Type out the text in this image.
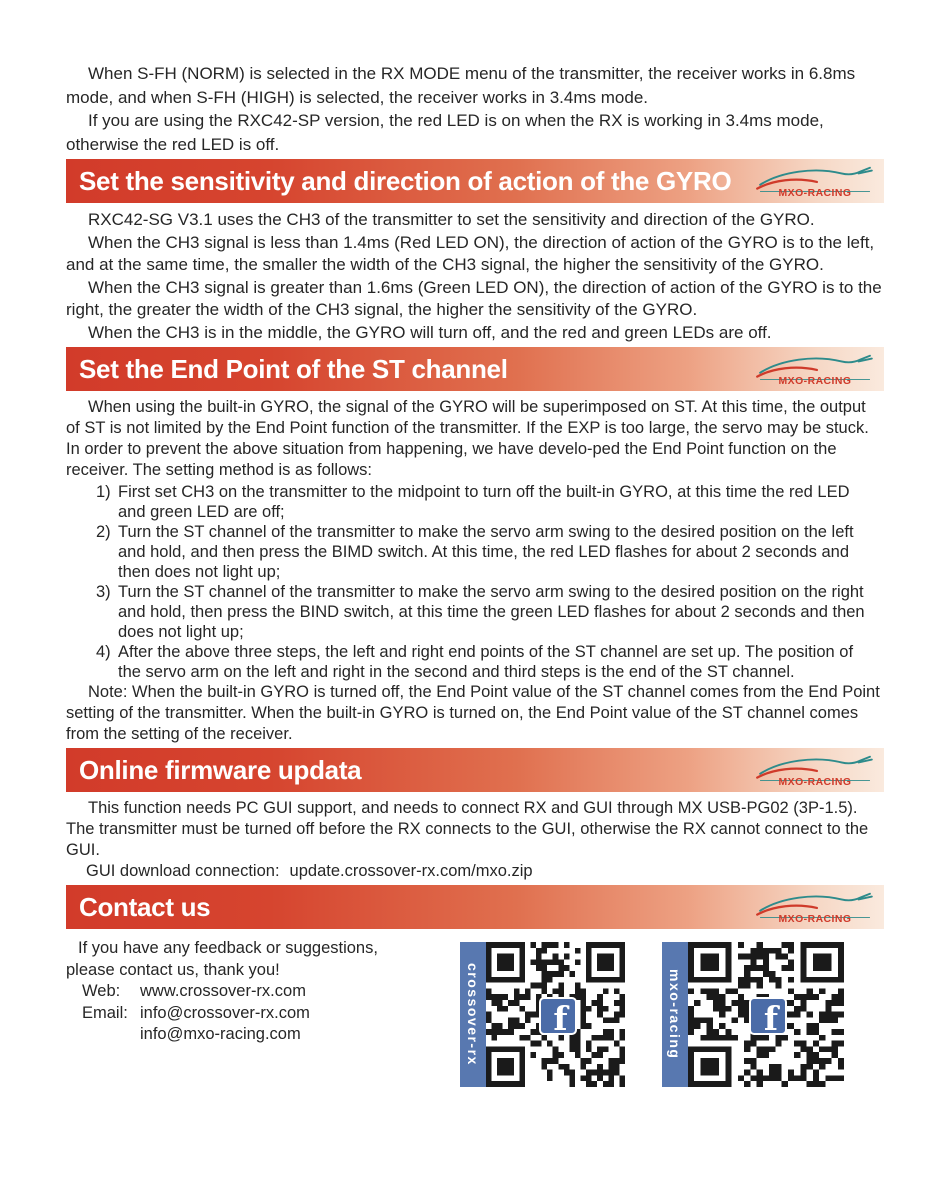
When S-FH (NORM) is selected in the RX MODE menu of the transmitter, the receiver works in 6.8ms mode, and when S-FH (HIGH) is selected, the receiver works in 3.4ms mode.

If you are using the RXC42-SP version, the red LED is on when the RX is working in 3.4ms mode, otherwise the red LED is off.

Set the sensitivity and direction of action of the GYRO	MXO-RACING

RXC42-SG V3.1 uses the CH3 of the transmitter to set the sensitivity and direction of the GYRO.

When the CH3 signal is less than 1.4ms (Red LED ON), the direction of action of the GYRO is to the left, and at the same time, the smaller the width of the CH3 signal, the higher the sensitivity of the GYRO.

When the CH3 signal is greater than 1.6ms (Green LED ON), the direction of action of the GYRO is to the right, the greater the width of the CH3 signal, the higher the sensitivity of the GYRO.

When the CH3 is in the middle, the GYRO will turn off, and the red and green LEDs are off.

Set the End Point of the ST channel	MXO-RACING

When using the built-in GYRO, the signal of the GYRO will be superimposed on ST. At this time, the output of ST is not limited by the End Point function of the transmitter. If the EXP is too large, the servo may be stuck. In order to prevent the above situation from happening, we have develo-ped the End Point function on the receiver. The setting method is as follows:

1) First set CH3 on the transmitter to the midpoint to turn off the built-in GYRO, at this time the red LED and green LED are off;
2) Turn the ST channel of the transmitter to make the servo arm swing to the desired position on the left and hold, and then press the BIMD switch. At this time, the red LED flashes for about 2 seconds and then does not light up;
3) Turn the ST channel of the transmitter to make the servo arm swing to the desired position on the right and hold, then press the BIND switch, at this time the green LED flashes for about 2 seconds and then does not light up;
4) After the above three steps, the left and right end points of the ST channel are set up. The position of the servo arm on the left and right in the second and third steps is the end of the ST channel.

Note: When the built-in GYRO is turned off, the End Point value of the ST channel comes from the End Point setting of the transmitter. When the built-in GYRO is turned on, the End Point value of the ST channel comes from the setting of the receiver.

Online firmware updata	MXO-RACING

This function needs PC GUI support, and needs to connect RX and GUI through MX USB-PG02 (3P-1.5). The transmitter must be turned off before the RX connects to the GUI, otherwise the RX cannot connect to the GUI.

GUI download connection: update.crossover-rx.com/mxo.zip

Contact us	MXO-RACING
If you have any feedback or suggestions,
please contact us, thank you!
Web:	www.crossover-rx.com
Email: info@crossover-rx.com
info@mxo-racing.com	crossover-rx f	mxo-racing f
